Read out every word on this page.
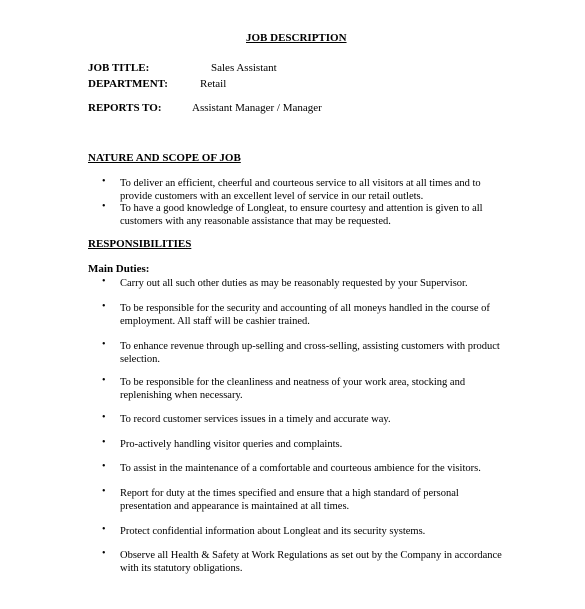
JOB DESCRIPTION
JOB TITLE:	Sales Assistant
DEPARTMENT:	Retail
REPORTS TO:	Assistant Manager / Manager
NATURE AND SCOPE OF JOB
• To deliver an efficient, cheerful and courteous service to all visitors at all times and to
provide customers with an excellent level of service in our retail outlets.
• To have a good knowledge of Longleat, to ensure courtesy and attention is given to all
customers with any reasonable assistance that may be requested.
RESPONSIBILITIES
Main Duties:
• Carry out all such other duties as may be reasonably requested by your Supervisor.
• To be responsible for the security and accounting of all moneys handled in the course of
employment. All staff will be cashier trained.
• To enhance revenue through up-selling and cross-selling, assisting customers with product
selection.
• To be responsible for the cleanliness and neatness of your work area, stocking and
replenishing when necessary.
• To record customer services issues in a timely and accurate way.
• Pro-actively handling visitor queries and complaints.
• To assist in the maintenance of a comfortable and courteous ambience for the visitors.
• Report for duty at the times specified and ensure that a high standard of personal
presentation and appearance is maintained at all times.
• Protect confidential information about Longleat and its security systems.
• Observe all Health & Safety at Work Regulations as set out by the Company in accordance
with its statutory obligations.
